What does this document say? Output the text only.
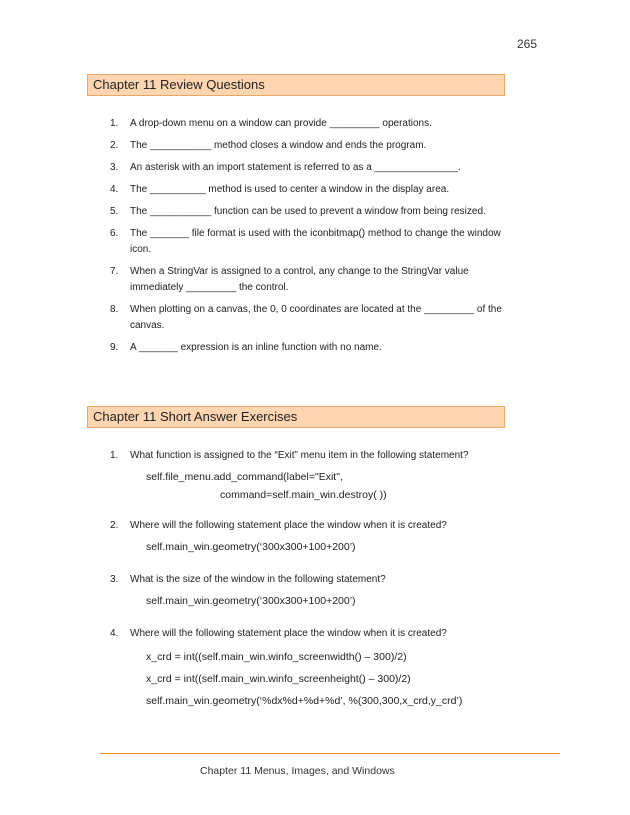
265
Chapter 11 Review Questions
1.	A drop-down menu on a window can provide _________ operations.
2.	The ___________ method closes a window and ends the program.
3.	An asterisk with an import statement is referred to as a _______________.
4.	The __________ method is used to center a window in the display area.
5.	The ___________ function can be used to prevent a window from being resized.
6.	The _______ file format is used with the iconbitmap() method to change the window icon.
7.	When a StringVar is assigned to a control, any change to the StringVar value immediately _________ the control.
8.	When plotting on a canvas, the 0, 0 coordinates are located at the _________ of the canvas.
9.	A _______ expression is an inline function with no name.
Chapter 11 Short Answer Exercises
1.	What function is assigned to the “Exit” menu item in the following statement?
self.file_menu.add_command(label="Exit",
command=self.main_win.destroy( ))
2.	Where will the following statement place the window when it is created?
self.main_win.geometry(‘300x300+100+200’)
3.	What is the size of the window in the following statement?
self.main_win.geometry(‘300x300+100+200’)
4.	Where will the following statement place the window when it is created?
x_crd = int((self.main_win.winfo_screenwidth() – 300)/2)
x_crd = int((self.main_win.winfo_screenheight() – 300)/2)
self.main_win.geometry(‘%dx%d+%d+%d’, %(300,300,x_crd,y_crd’)
Chapter 11 Menus, Images, and Windows
